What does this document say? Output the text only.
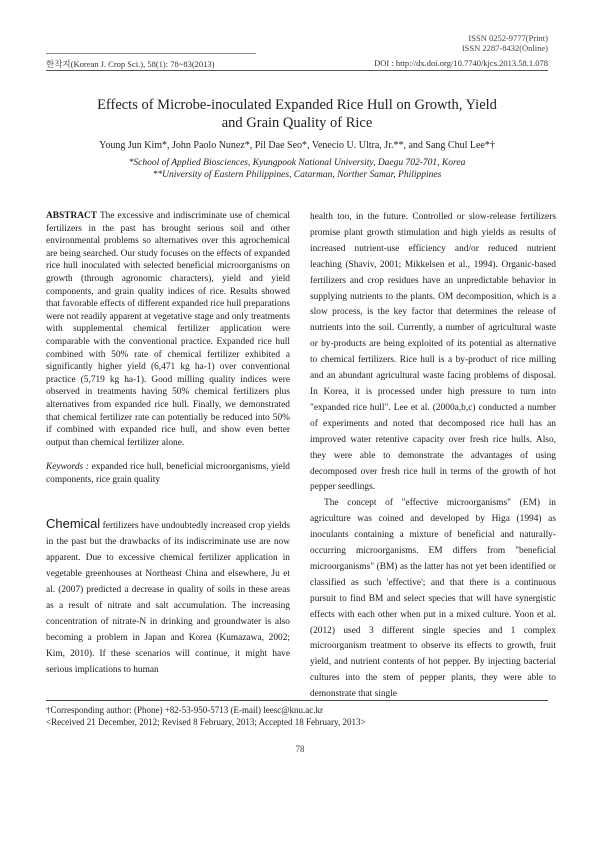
ISSN 0252-9777(Print)
ISSN 2287-8432(Online)
한작지(Korean J. Crop Sci.), 58(1): 78~83(2013)	DOI : http://dx.doi.org/10.7740/kjcs.2013.58.1.078
Effects of Microbe-inoculated Expanded Rice Hull on Growth, Yield
and Grain Quality of Rice
Young Jun Kim*, John Paolo Nunez*, Pil Dae Seo*, Venecio U. Ultra, Jr.**, and Sang Chul Lee*†
*School of Applied Biosciences, Kyungpook National University, Daegu 702-701, Korea
**University of Eastern Philippines, Catarman, Norther Samar, Philippines

ABSTRACT The excessive and indiscriminate use of chemical fertilizers in the past has brought serious soil and other environmental problems so alternatives over this agrochemical are being searched. Our study focuses on the effects of expanded rice hull inoculated with selected beneficial microorganisms on growth (through agronomic characters), yield and yield components, and grain quality indices of rice. Results showed that favorable effects of different expanded rice hull preparations were not readily apparent at vegetative stage and only treatments with supplemental chemical fertilizer application were comparable with the conventional practice. Expanded rice hull combined with 50% rate of chemical fertilizer exhibited a significantly higher yield (6,471 kg ha-1) over conventional practice (5,719 kg ha-1). Good milling quality indices were observed in treatments having 50% chemical fertilizers plus alternatives from expanded rice hull. Finally, we demonstrated that chemical fertilizer rate can potentially be reduced into 50% if combined with expanded rice hull, and show even better output than chemical fertilizer alone.

Keywords : expanded rice hull, beneficial microorganisms, yield components, rice grain quality

Chemical fertilizers have undoubtedly increased crop yields in the past but the drawbacks of its indiscriminate use are now apparent. Due to excessive chemical fertilizer application in vegetable greenhouses at Northeast China and elsewhere, Ju et al. (2007) predicted a decrease in quality of soils in these areas as a result of nitrate and salt accumulation. The increasing concentration of nitrate-N in drinking and groundwater is also becoming a problem in Japan and Korea (Kumazawa, 2002; Kim, 2010). If these scenarios will continue, it might have serious implications to human

health too, in the future. Controlled or slow-release fertilizers promise plant growth stimulation and high yields as results of increased nutrient-use efficiency and/or reduced nutrient leaching (Shaviv, 2001; Mikkelsen et al., 1994). Organic-based fertilizers and crop residues have an unpredictable behavior in supplying nutrients to the plants. OM decomposition, which is a slow process, is the key factor that determines the release of nutrients into the soil. Currently, a number of agricultural waste or by-products are being exploited of its potential as alternative to chemical fertilizers. Rice hull is a by-product of rice milling and an abundant agricultural waste facing problems of disposal. In Korea, it is processed under high pressure to turn into "expanded rice hull". Lee et al. (2000a,b,c) conducted a number of experiments and noted that decomposed rice hull has an improved water retentive capacity over fresh rice hulls. Also, they were able to demonstrate the advantages of using decomposed over fresh rice hull in terms of the growth of hot pepper seedlings.

The concept of "effective microorganisms" (EM) in agriculture was coined and developed by Higa (1994) as inoculants containing a mixture of beneficial and naturally-occurring microorganisms. EM differs from "beneficial microorganisms" (BM) as the latter has not yet been identified or classified as such 'effective'; and that there is a continuous pursuit to find BM and select species that will have synergistic effects with each other when put in a mixed culture. Yoon et al. (2012) used 3 different single species and 1 complex microorganism treatment to observe its effects to growth, fruit yield, and nutrient contents of hot pepper. By injecting bacterial cultures into the stem of pepper plants, they were able to demonstrate that single

†Corresponding author: (Phone) +82-53-950-5713 (E-mail) leesc@knu.ac.kr
<Received 21 December, 2012; Revised 8 February, 2013; Accepted 18 February, 2013>
78
